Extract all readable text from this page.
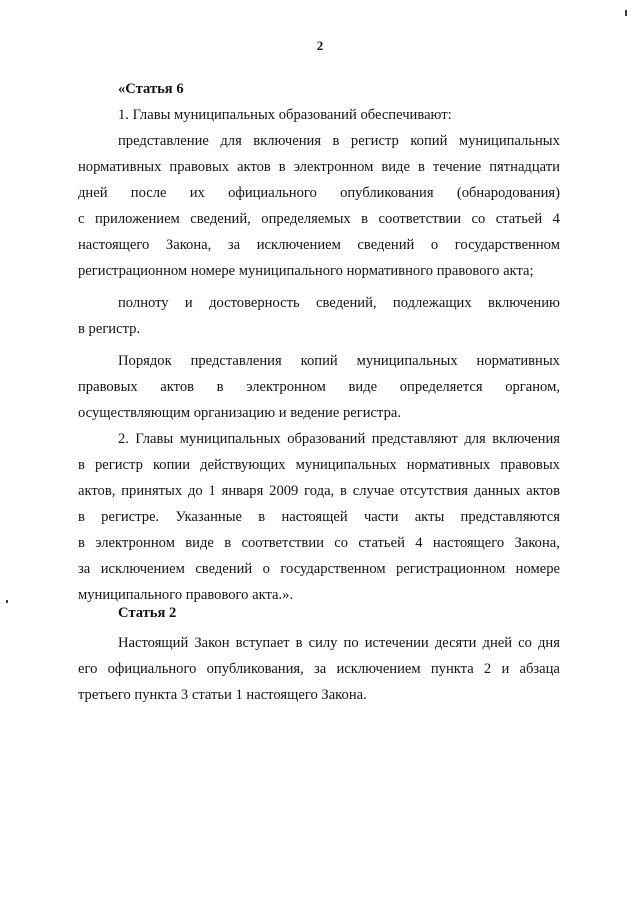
2
«Статья 6
1. Главы муниципальных образований обеспечивают:
представление для включения в регистр копий муниципальных
нормативных правовых актов в электронном виде в течение пятнадцати
дней после их официального опубликования (обнародования)
с приложением сведений, определяемых в соответствии со статьей 4
настоящего Закона, за исключением сведений о государственном
регистрационном номере муниципального нормативного правового акта;
полноту и достоверность сведений, подлежащих включению
в регистр.
Порядок представления копий муниципальных нормативных
правовых актов в электронном виде определяется органом,
осуществляющим организацию и ведение регистра.
2. Главы муниципальных образований представляют для включения
в регистр копии действующих муниципальных нормативных правовых
актов, принятых до 1 января 2009 года, в случае отсутствия данных актов
в регистре. Указанные в настоящей части акты представляются
в электронном виде в соответствии со статьей 4 настоящего Закона,
за исключением сведений о государственном регистрационном номере
муниципального правового акта.».
Статья 2
Настоящий Закон вступает в силу по истечении десяти дней со дня
его официального опубликования, за исключением пункта 2 и абзаца
третьего пункта 3 статьи 1 настоящего Закона.
